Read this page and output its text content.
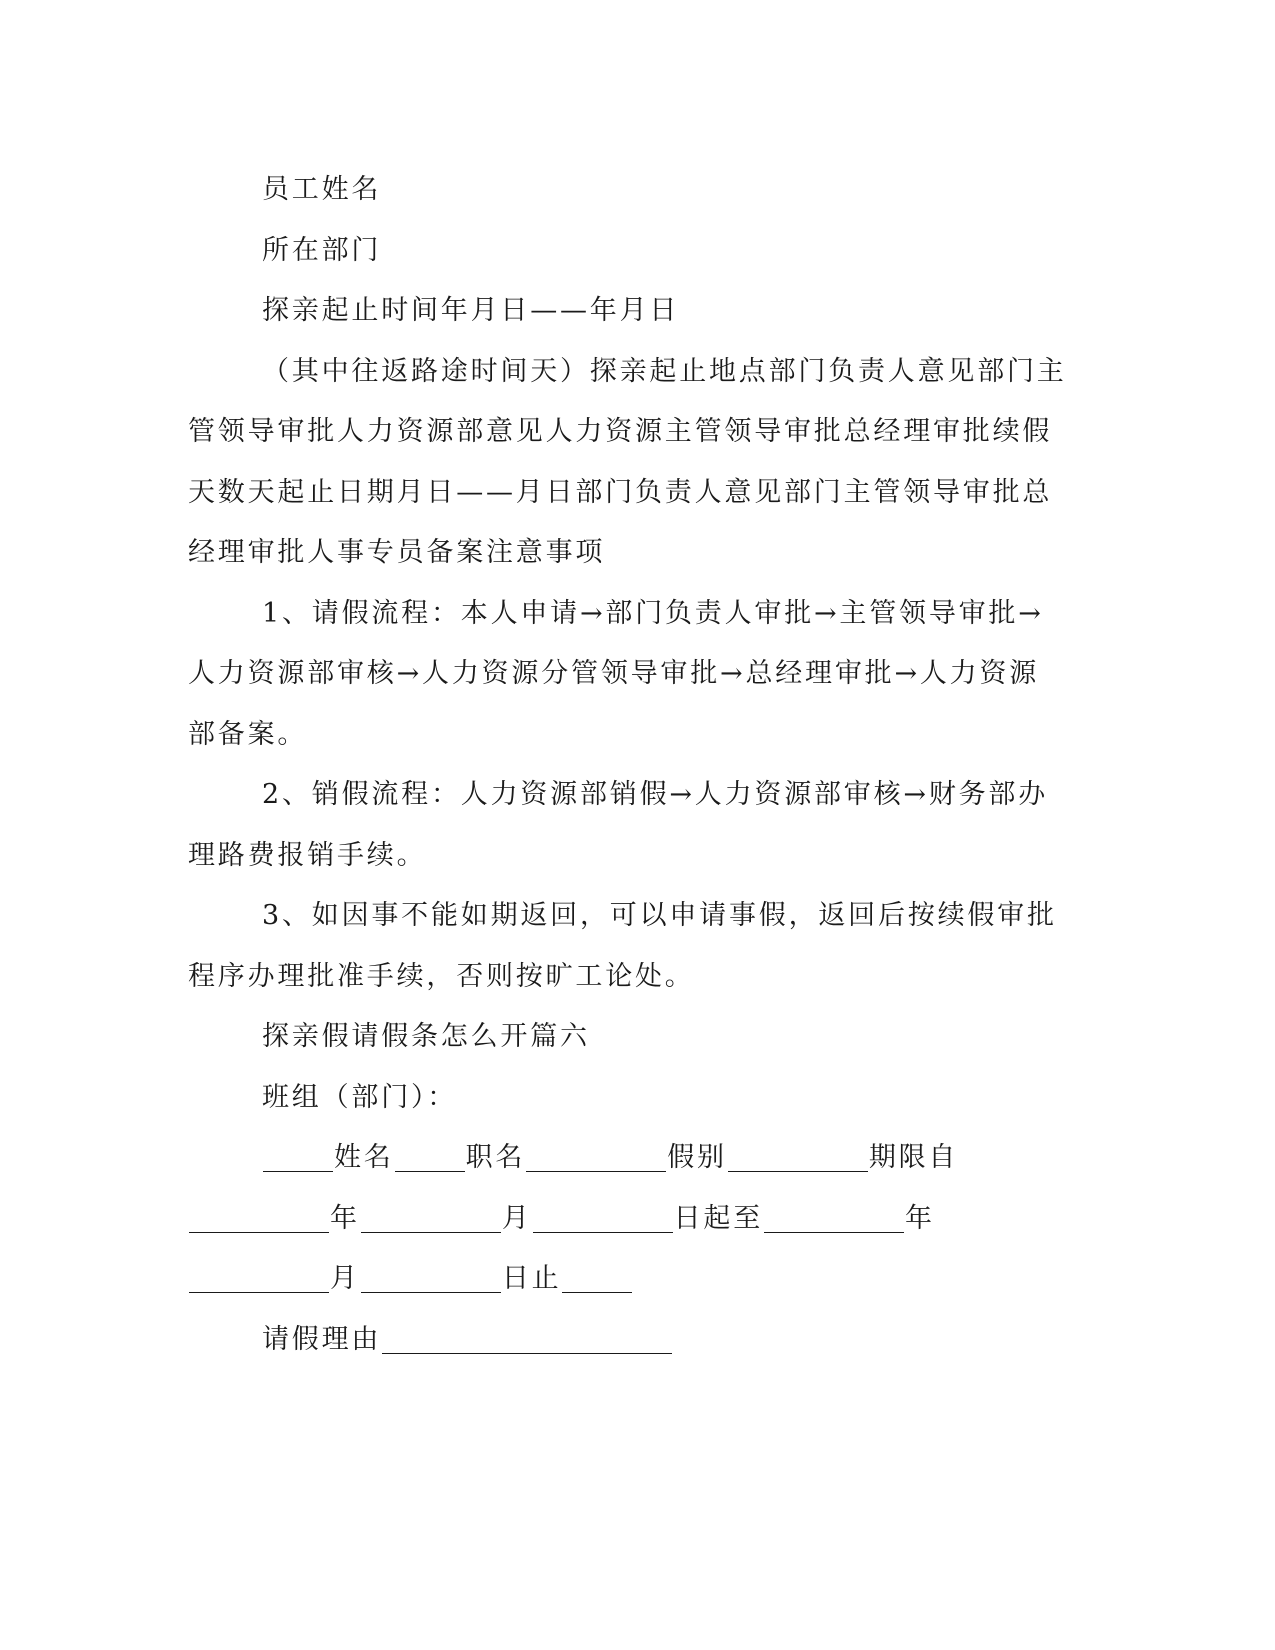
员工姓名

所在部门

探亲起止时间年月日——年月日

（其中往返路途时间天）探亲起止地点部门负责人意见部门主管领导审批人力资源部意见人力资源主管领导审批总经理审批续假天数天起止日期月日——月日部门负责人意见部门主管领导审批总经理审批人事专员备案注意事项

1、请假流程：本人申请→部门负责人审批→主管领导审批→人力资源部审核→人力资源分管领导审批→总经理审批→人力资源部备案。

2、销假流程：人力资源部销假→人力资源部审核→财务部办理路费报销手续。

3、如因事不能如期返回，可以申请事假，返回后按续假审批程序办理批准手续，否则按旷工论处。

探亲假请假条怎么开篇六

班组（部门）：

姓名	职名	假别	期限自
年	月	日起至	年
月	日止

请假理由
